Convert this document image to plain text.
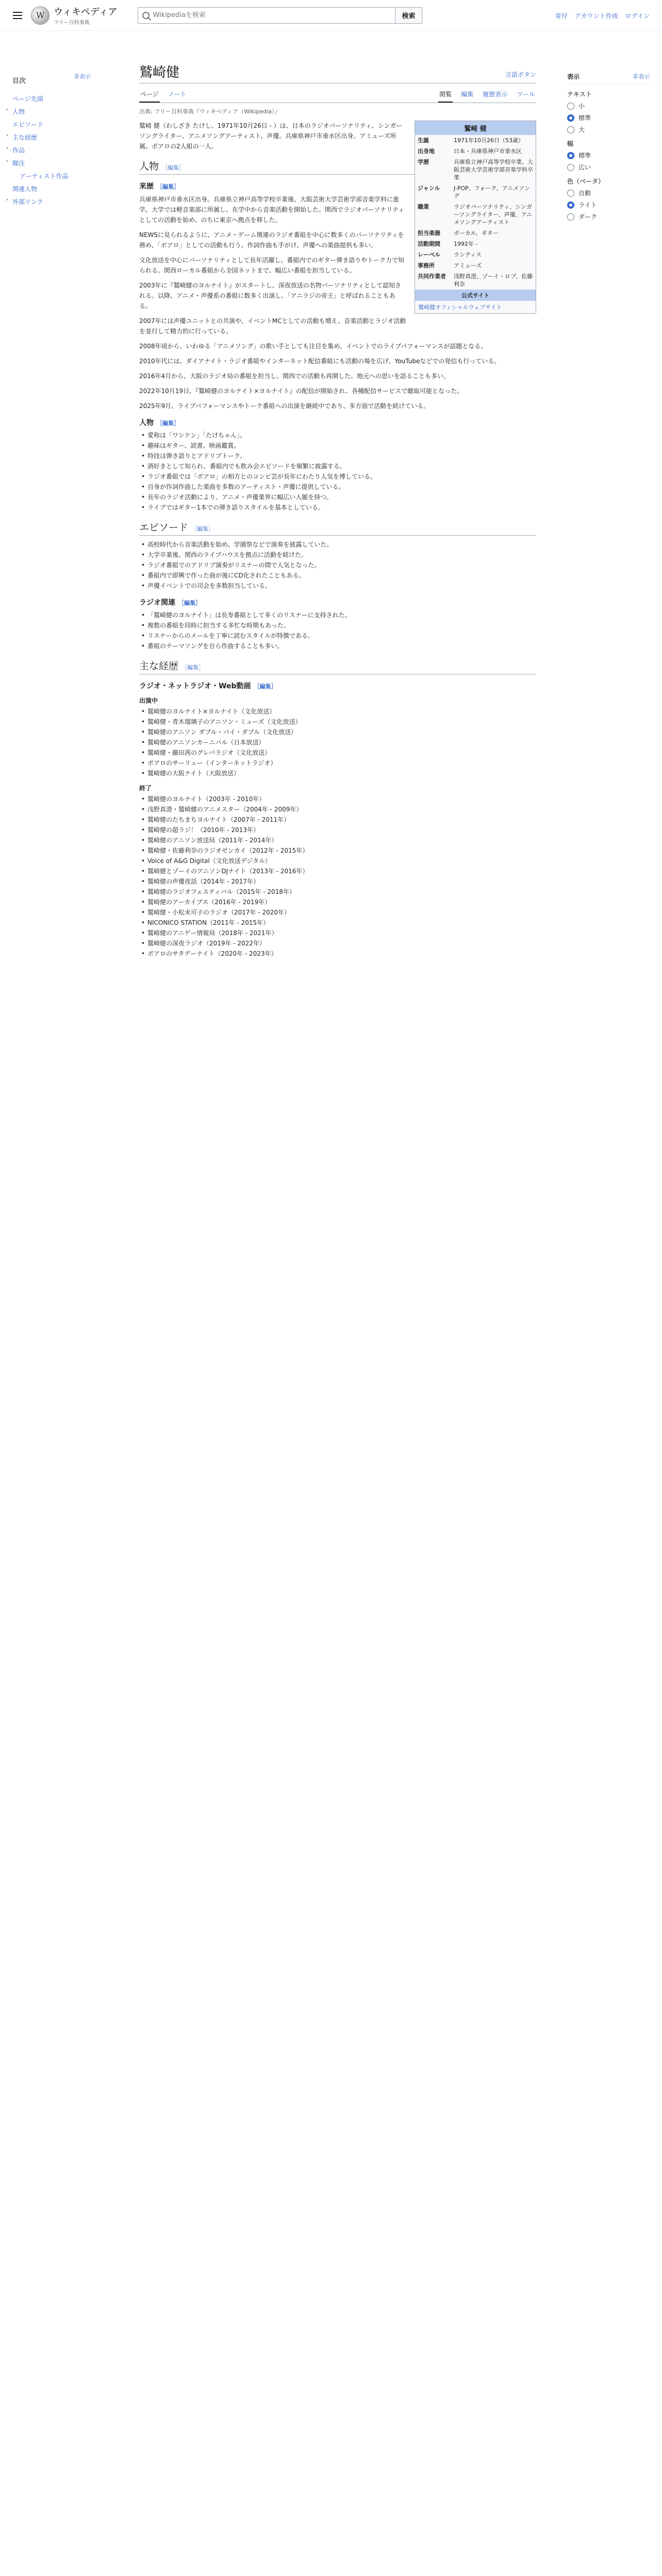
W
ウィキペディア
フリー百科事典
Wikipediaを検索
検索	寄付 アカウント作成 ログイン
目次
非表示
ページ先頭
› 人物
エピソード
› 主な経歴
› 作品
› 脚注
アーティスト作品
関連人物
› 外部リンク
鷲崎健	言語ボタン
ページ ノート	閲覧 編集 履歴表示 ツール
出典: フリー百科事典『ウィキペディア（Wikipedia）』
鷲崎 健
生誕	1971年10月26日（53歳）
出身地	日本・兵庫県神戸市垂水区
学歴	兵庫県立神戸高等学校卒業、大阪芸術大学芸術学部音楽学科卒業
ジャンル	J-POP、フォーク、アニメソング
職業	ラジオパーソナリティ、シンガーソングライター、声優、アニメソングアーティスト
担当楽器	ボーカル、ギター
活動期間	1992年 -
レーベル	ランティス
事務所	アミューズ
共同作業者	浅野真澄、ゾーイ・ロブ、佐藤利奈
公式サイト
鷲崎健オフィシャルウェブサイト

鷲崎 健（わしざき たけし、1971年10月26日 - ）は、日本のラジオパーソナリティ、シンガーソングライター、アニメソングアーティスト、声優。兵庫県神戸市垂水区出身。アミューズ所属。ポアロの2人組の一人。

人物 ［編集］
来歴 ［編集］

兵庫県神戸市垂水区出身。兵庫県立神戸高等学校卒業後、大阪芸術大学芸術学部音楽学科に進学。大学では軽音楽部に所属し、在学中から音楽活動を開始した。関西でラジオパーソナリティとしての活動を始め、のちに東京へ拠点を移した。

NEWSに見られるように、アニメ・ゲーム関連のラジオ番組を中心に数多くのパーソナリティを務め、「ポアロ」としての活動も行う。作詞作曲も手がけ、声優への楽曲提供も多い。

文化放送を中心にパーソナリティとして長年活躍し、番組内でのギター弾き語りやトーク力で知られる。関西ローカル番組から全国ネットまで、幅広い番組を担当している。

2003年に『鷲崎健のヨルナイト』がスタートし、深夜放送の名物パーソナリティとして認知される。以降、アニメ・声優系の番組に数多く出演し、「アニラジの帝王」と呼ばれることもある。

2007年には声優ユニットとの共演や、イベントMCとしての活動も増え、音楽活動とラジオ活動を並行して精力的に行っている。

2008年頃から、いわゆる「アニメソング」の歌い手としても注目を集め、イベントでのライブパフォーマンスが話題となる。

2010年代には、ダイアナイト・ラジオ番組やインターネット配信番組にも活動の場を広げ、YouTubeなどでの発信も行っている。

2016年4月から、大阪のラジオ局の番組を担当し、関西での活動も再開した。地元への思いを語ることも多い。

2022年10月19日、『鷲崎健のヨルナイト×ヨルナイト』の配信が開始され、各種配信サービスで聴取可能となった。

2025年9月、ライブパフォーマンスやトーク番組への出演を継続中であり、多方面で活動を続けている。

人物 ［編集］
• 愛称は「ワシケン」「たけちゃん」。
• 趣味はギター、読書、映画鑑賞。
• 特技は弾き語りとアドリブトーク。
• 酒好きとして知られ、番組内でも飲み会エピソードを頻繁に披露する。
• ラジオ番組では「ポアロ」の相方とのコンビ芸が長年にわたり人気を博している。
• 自身が作詞作曲した楽曲を多数のアーティスト・声優に提供している。
• 長年のラジオ活動により、アニメ・声優業界に幅広い人脈を持つ。
• ライブではギター1本での弾き語りスタイルを基本としている。
エピソード ［編集］
• 高校時代から音楽活動を始め、学園祭などで演奏を披露していた。
• 大学卒業後、関西のライブハウスを拠点に活動を続けた。
• ラジオ番組でのアドリブ演奏がリスナーの間で人気となった。
• 番組内で即興で作った曲が後にCD化されたこともある。
• 声優イベントでの司会を多数担当している。
ラジオ関連 ［編集］
• 「鷲崎健のヨルナイト」は長寿番組として多くのリスナーに支持された。
• 複数の番組を同時に担当する多忙な時期もあった。
• リスナーからのメールを丁寧に読むスタイルが特徴である。
• 番組のテーマソングを自ら作曲することも多い。
主な経歴 ［編集］
ラジオ・ネットラジオ・Web動画 ［編集］
出演中
• 鷲崎健のヨルナイト×ヨルナイト（文化放送）
• 鷲崎健・青木瑠璃子のアニソン・ミューズ（文化放送）
• 鷲崎健のアニソン ダブル・バイ・ダブル（文化放送）
• 鷲崎健のアニソンカーニバル（日本放送）
• 鷲崎健・藤田茜のグレパラジオ（文化放送）
• ポアロのサーリュー（インターネットラジオ）
• 鷲崎健の大阪ナイト（大阪放送）
終了
• 鷲崎健のヨルナイト（2003年 - 2010年）
• 浅野真澄・鷲崎健のアニメスター（2004年 - 2009年）
• 鷲崎健のたちまちヨルナイト（2007年 - 2011年）
• 鷲崎健の超ラジ！（2010年 - 2013年）
• 鷲崎健のアニソン放送局（2011年 - 2014年）
• 鷲崎健・佐藤利奈のラジオゼンカイ（2012年 - 2015年）
• Voice of A&G Digital（文化放送デジタル）
• 鷲崎健とゾーイのアニソンDJナイト（2013年 - 2016年）
• 鷲崎健の声優夜話（2014年 - 2017年）
• 鷲崎健のラジオフェスティバル（2015年 - 2018年）
• 鷲崎健のアーカイブス（2016年 - 2019年）
• 鷲崎健・小松未可子のラジオ（2017年 - 2020年）
• NICONICO STATION（2011年 - 2015年）
• 鷲崎健のアニゲー情報局（2018年 - 2021年）
• 鷲崎健の深夜ラジオ（2019年 - 2022年）
• ポアロのサタデーナイト（2020年 - 2023年）
表示	非表示
テキスト
小
標準
大
幅
標準
広い
色（ベータ）
自動
ライト
ダーク
